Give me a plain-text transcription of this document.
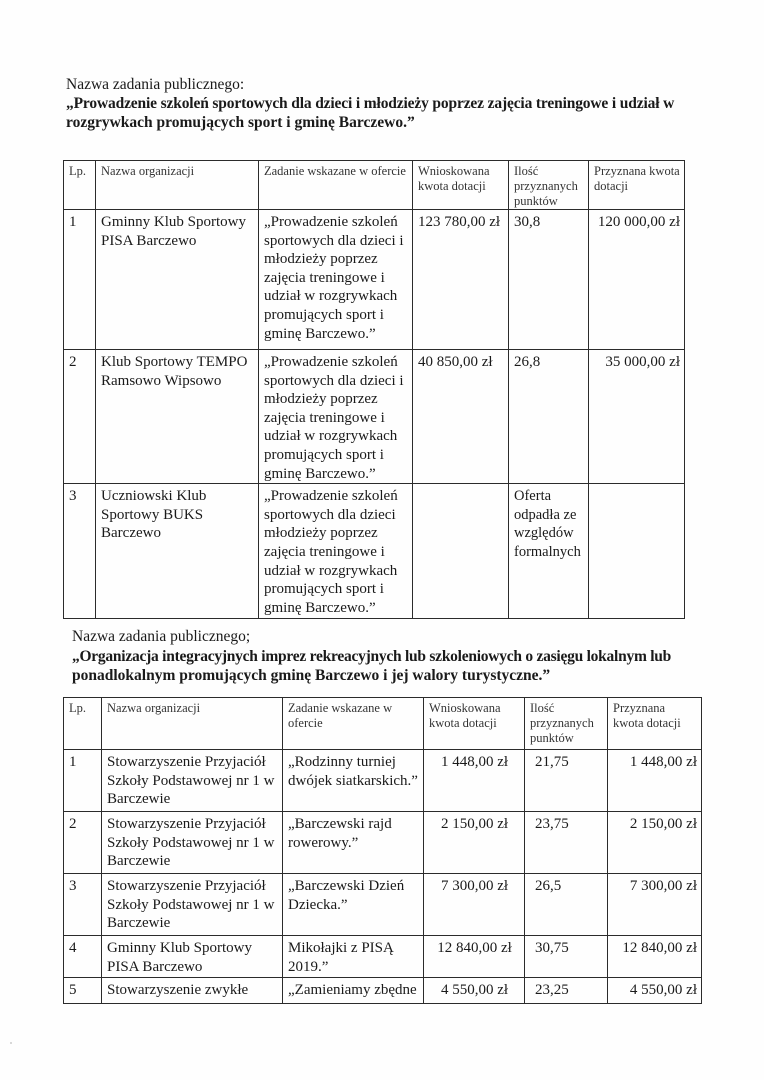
Nazwa zadania publicznego:
„Prowadzenie szkoleń sportowych dla dzieci i młodzieży poprzez zajęcia treningowe i udział w
rozgrywkach promujących sport i gminę Barczewo.”
Lp.	Nazwa organizacji	Zadanie wskazane w ofercie	Wnioskowana kwota dotacji	Ilość przyznanych punktów	Przyznana kwota dotacji
1	Gminny Klub Sportowy PISA Barczewo	„Prowadzenie szkoleń sportowych dla dzieci i młodzieży poprzez zajęcia treningowe i udział w rozgrywkach promujących sport i gminę Barczewo.”	123 780,00 zł	30,8	120 000,00 zł
2	Klub Sportowy TEMPO Ramsowo Wipsowo	„Prowadzenie szkoleń sportowych dla dzieci i młodzieży poprzez zajęcia treningowe i udział w rozgrywkach promujących sport i gminę Barczewo.”	40 850,00 zł	26,8	35 000,00 zł
3	Uczniowski Klub Sportowy BUKS Barczewo	„Prowadzenie szkoleń sportowych dla dzieci młodzieży poprzez zajęcia treningowe i udział w rozgrywkach promujących sport i gminę Barczewo.”		Oferta odpadła ze względów formalnych	
Nazwa zadania publicznego;
„Organizacja integracyjnych imprez rekreacyjnych lub szkoleniowych o zasięgu lokalnym lub
ponadlokalnym promujących gminę Barczewo i jej walory turystyczne.”
Lp.	Nazwa organizacji	Zadanie wskazane w ofercie	Wnioskowana kwota dotacji	Ilość przyznanych punktów	Przyznana kwota dotacji
1	Stowarzyszenie Przyjaciół Szkoły Podstawowej nr 1 w Barczewie	„Rodzinny turniej dwójek siatkarskich.”	1 448,00 zł	21,75	1 448,00 zł
2	Stowarzyszenie Przyjaciół Szkoły Podstawowej nr 1 w Barczewie	„Barczewski rajd rowerowy.”	2 150,00 zł	23,75	2 150,00 zł
3	Stowarzyszenie Przyjaciół Szkoły Podstawowej nr 1 w Barczewie	„Barczewski Dzień Dziecka.”	7 300,00 zł	26,5	7 300,00 zł
4	Gminny Klub Sportowy PISA Barczewo	Mikołajki z PISĄ 2019.”	12 840,00 zł	30,75	12 840,00 zł
5	Stowarzyszenie zwykłe	„Zamieniamy zbędne	4 550,00 zł	23,25	4 550,00 zł
